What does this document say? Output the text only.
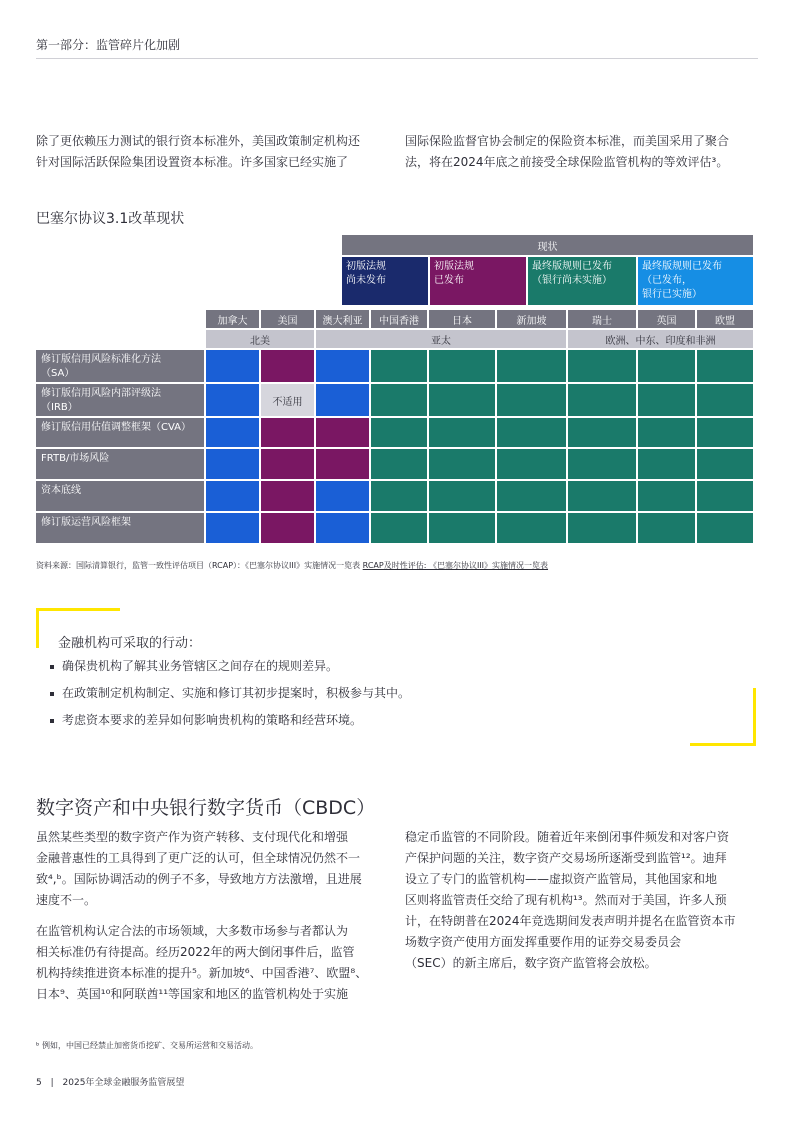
第一部分：监管碎片化加剧
除了更依赖压力测试的银行资本标准外，美国政策制定机构还
针对国际活跃保险集团设置资本标准。许多国家已经实施了
国际保险监督官协会制定的保险资本标准，而美国采用了聚合
法，将在2024年底之前接受全球保险监管机构的等效评估³。
巴塞尔协议3.1改革现状
现状
初版法规
尚未发布
初版法规
已发布
最终版规则已发布
（银行尚未实施）
最终版规则已发布
（已发布，
银行已实施）
加拿大	美国	澳大利亚	中国香港	日本	新加坡	瑞士	英国	欧盟
北美	亚太	欧洲、中东、印度和非洲
修订版信用风险标准化方法
（SA）
修订版信用风险内部评级法
（IRB）	不适用
修订版信用估值调整框架（CVA）
FRTB/市场风险
资本底线
修订版运营风险框架
资料来源：国际清算银行，监管一致性评估项目（RCAP）：《巴塞尔协议III》实施情况一览表 RCAP及时性评估: 《巴塞尔协议III》实施情况一览表
金融机构可采取的行动：
确保贵机构了解其业务管辖区之间存在的规则差异。
在政策制定机构制定、实施和修订其初步提案时，积极参与其中。
考虑资本要求的差异如何影响贵机构的策略和经营环境。
数字资产和中央银行数字货币（CBDC）
虽然某些类型的数字资产作为资产转移、支付现代化和增强
金融普惠性的工具得到了更广泛的认可，但全球情况仍然不一
致⁴,ᵇ。国际协调活动的例子不多，导致地方方法激增，且进展
速度不一。
在监管机构认定合法的市场领域，大多数市场参与者都认为
相关标准仍有待提高。经历2022年的两大倒闭事件后，监管
机构持续推进资本标准的提升⁵。新加坡⁶、中国香港⁷、欧盟⁸、
日本⁹、英国¹⁰和阿联酋¹¹等国家和地区的监管机构处于实施
稳定币监管的不同阶段。随着近年来倒闭事件频发和对客户资
产保护问题的关注，数字资产交易场所逐渐受到监管¹²。迪拜
设立了专门的监管机构——虚拟资产监管局，其他国家和地
区则将监管责任交给了现有机构¹³。然而对于美国，许多人预
计，在特朗普在2024年竞选期间发表声明并提名在监管资本市
场数字资产使用方面发挥重要作用的证券交易委员会
（SEC）的新主席后，数字资产监管将会放松。
ᵇ 例如，中国已经禁止加密货币挖矿、交易所运营和交易活动。
5 | 2025年全球金融服务监管展望
